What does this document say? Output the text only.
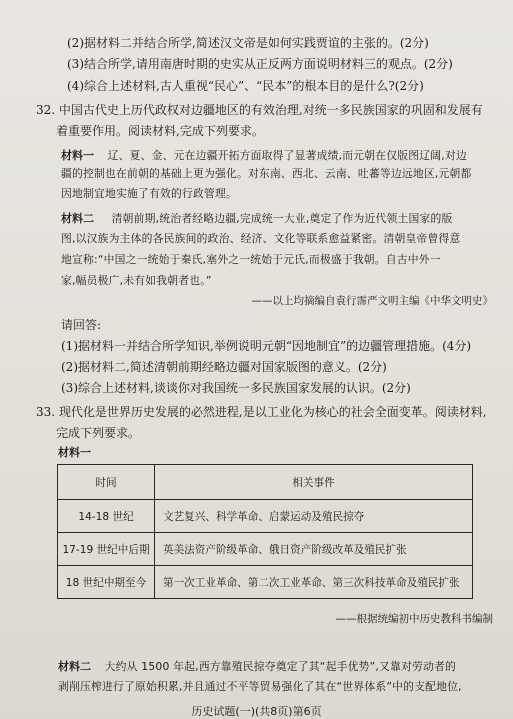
(2)据材料二并结合所学,简述汉文帝是如何实践贾谊的主张的。(2分)
(3)结合所学,请用南唐时期的史实从正反两方面说明材料三的观点。(2分)
(4)综合上述材料,古人重视“民心”、“民本”的根本目的是什么?(2分)
32. 中国古代史上历代政权对边疆地区的有效治理,对统一多民族国家的巩固和发展有
着重要作用。阅读材料,完成下列要求。
材料一 辽、夏、金、元在边疆开拓方面取得了显著成绩,而元朝在仅版图辽阔,对边
疆的控制也在前朝的基础上更为强化。对东南、西北、云南、吐蕃等边远地区,元朝都
因地制宜地实施了有效的行政管理。
材料二 清朝前期,统治者经略边疆,完成统一大业,奠定了作为近代领土国家的版
图,以汉族为主体的各民族间的政治、经济、文化等联系愈益紧密。清朝皇帝曾得意
地宣称:“中国之一统始于秦氏,塞外之一统始于元氏,而极盛于我朝。自古中外一
家,幅员极广,未有如我朝者也。”
——以上均摘编自袁行霈严文明主编《中华文明史》
请回答:
(1)据材料一并结合所学知识,举例说明元朝“因地制宜”的边疆管理措施。(4分)
(2)据材料二,简述清朝前期经略边疆对国家版图的意义。(2分)
(3)综合上述材料,谈谈你对我国统一多民族国家发展的认识。(2分)
33. 现代化是世界历史发展的必然进程,是以工业化为核心的社会全面变革。阅读材料,
完成下列要求。
材料一
时间	相关事件
14-18 世纪	文艺复兴、科学革命、启蒙运动及殖民掠夺
17-19 世纪中后期	英美法资产阶级革命、俄日资产阶级改革及殖民扩张
18 世纪中期至今	第一次工业革命、第二次工业革命、第三次科技革命及殖民扩张
——根据统编初中历史教科书编制
材料二 大约从 1500 年起,西方靠殖民掠夺奠定了其“起手优势”,又靠对劳动者的
剥削压榨进行了原始积累,并且通过不平等贸易强化了其在“世界体系”中的支配地位,
历史试题(一)(共8页)第6页
